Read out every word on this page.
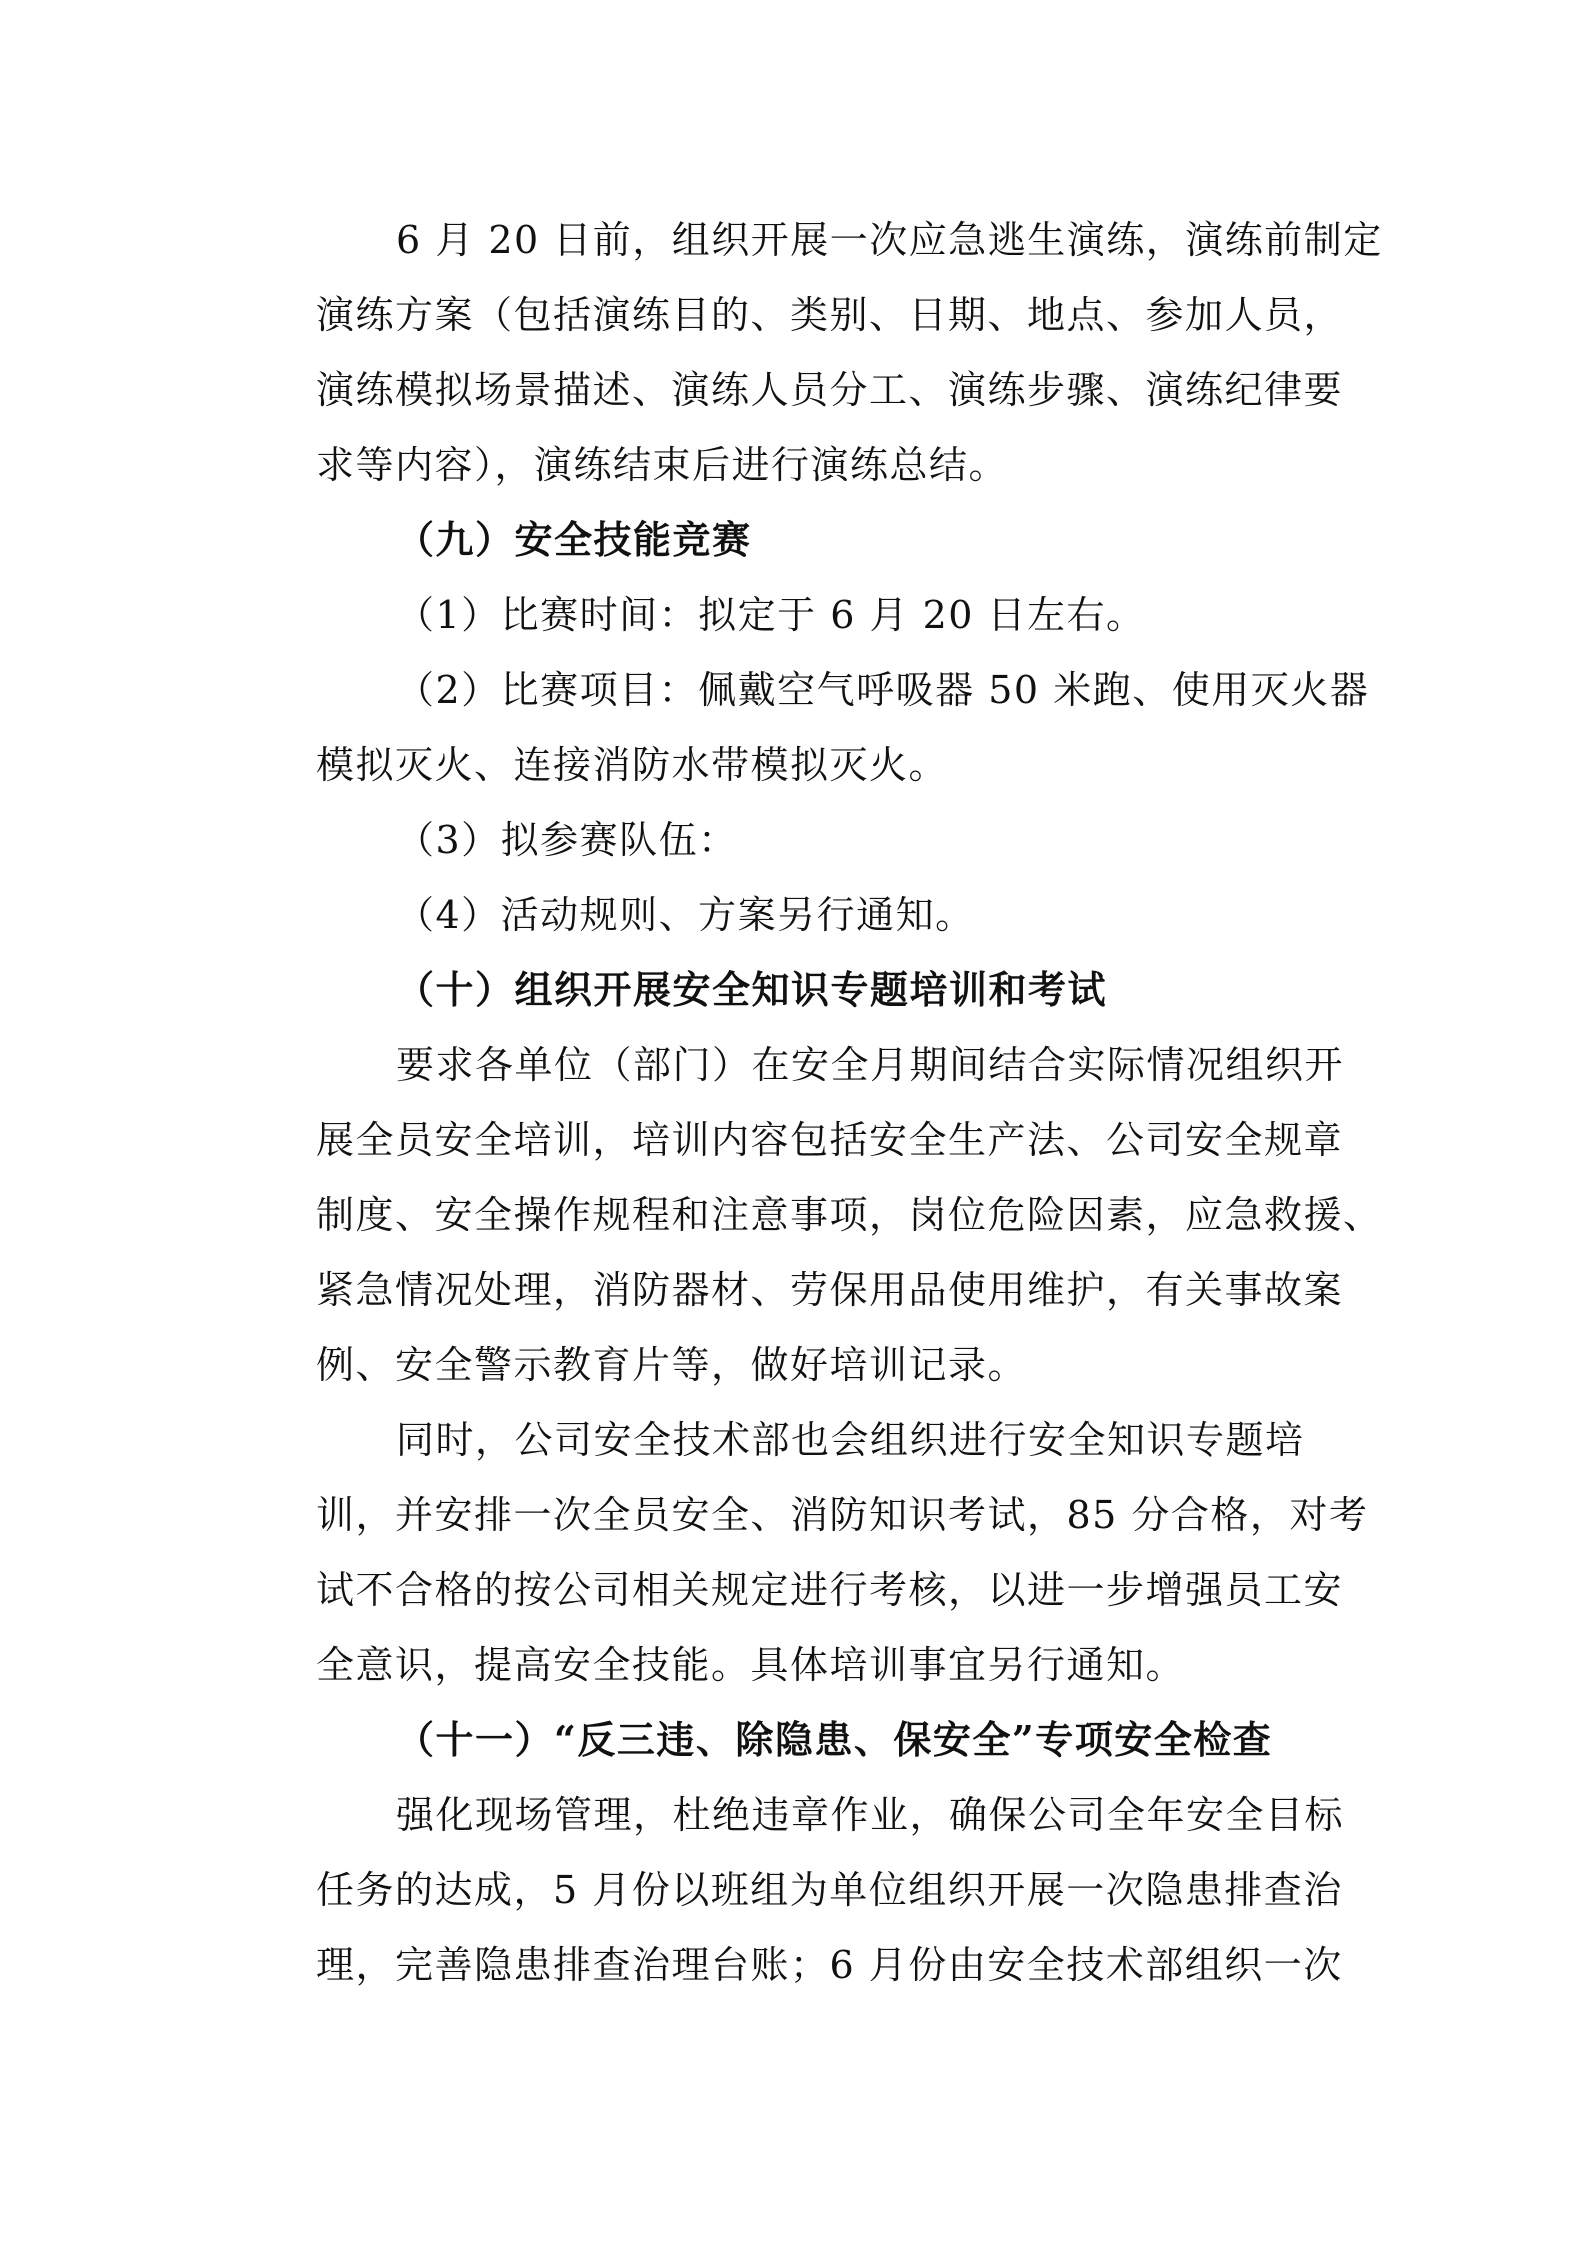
6 月 20 日前，组织开展一次应急逃生演练，演练前制定
演练方案（包括演练目的、类别、日期、地点、参加人员，
演练模拟场景描述、演练人员分工、演练步骤、演练纪律要
求等内容），演练结束后进行演练总结。
（九）安全技能竞赛
（1）比赛时间：拟定于 6 月 20 日左右。
（2）比赛项目：佩戴空气呼吸器 50 米跑、使用灭火器
模拟灭火、连接消防水带模拟灭火。
（3）拟参赛队伍：
（4）活动规则、方案另行通知。
（十）组织开展安全知识专题培训和考试
要求各单位（部门）在安全月期间结合实际情况组织开
展全员安全培训，培训内容包括安全生产法、公司安全规章
制度、安全操作规程和注意事项，岗位危险因素，应急救援、
紧急情况处理，消防器材、劳保用品使用维护，有关事故案
例、安全警示教育片等，做好培训记录。
同时，公司安全技术部也会组织进行安全知识专题培
训，并安排一次全员安全、消防知识考试，85 分合格，对考
试不合格的按公司相关规定进行考核，以进一步增强员工安
全意识，提高安全技能。具体培训事宜另行通知。
（十一）“反三违、除隐患、保安全”专项安全检查
强化现场管理，杜绝违章作业，确保公司全年安全目标
任务的达成，5 月份以班组为单位组织开展一次隐患排查治
理，完善隐患排查治理台账；6 月份由安全技术部组织一次
